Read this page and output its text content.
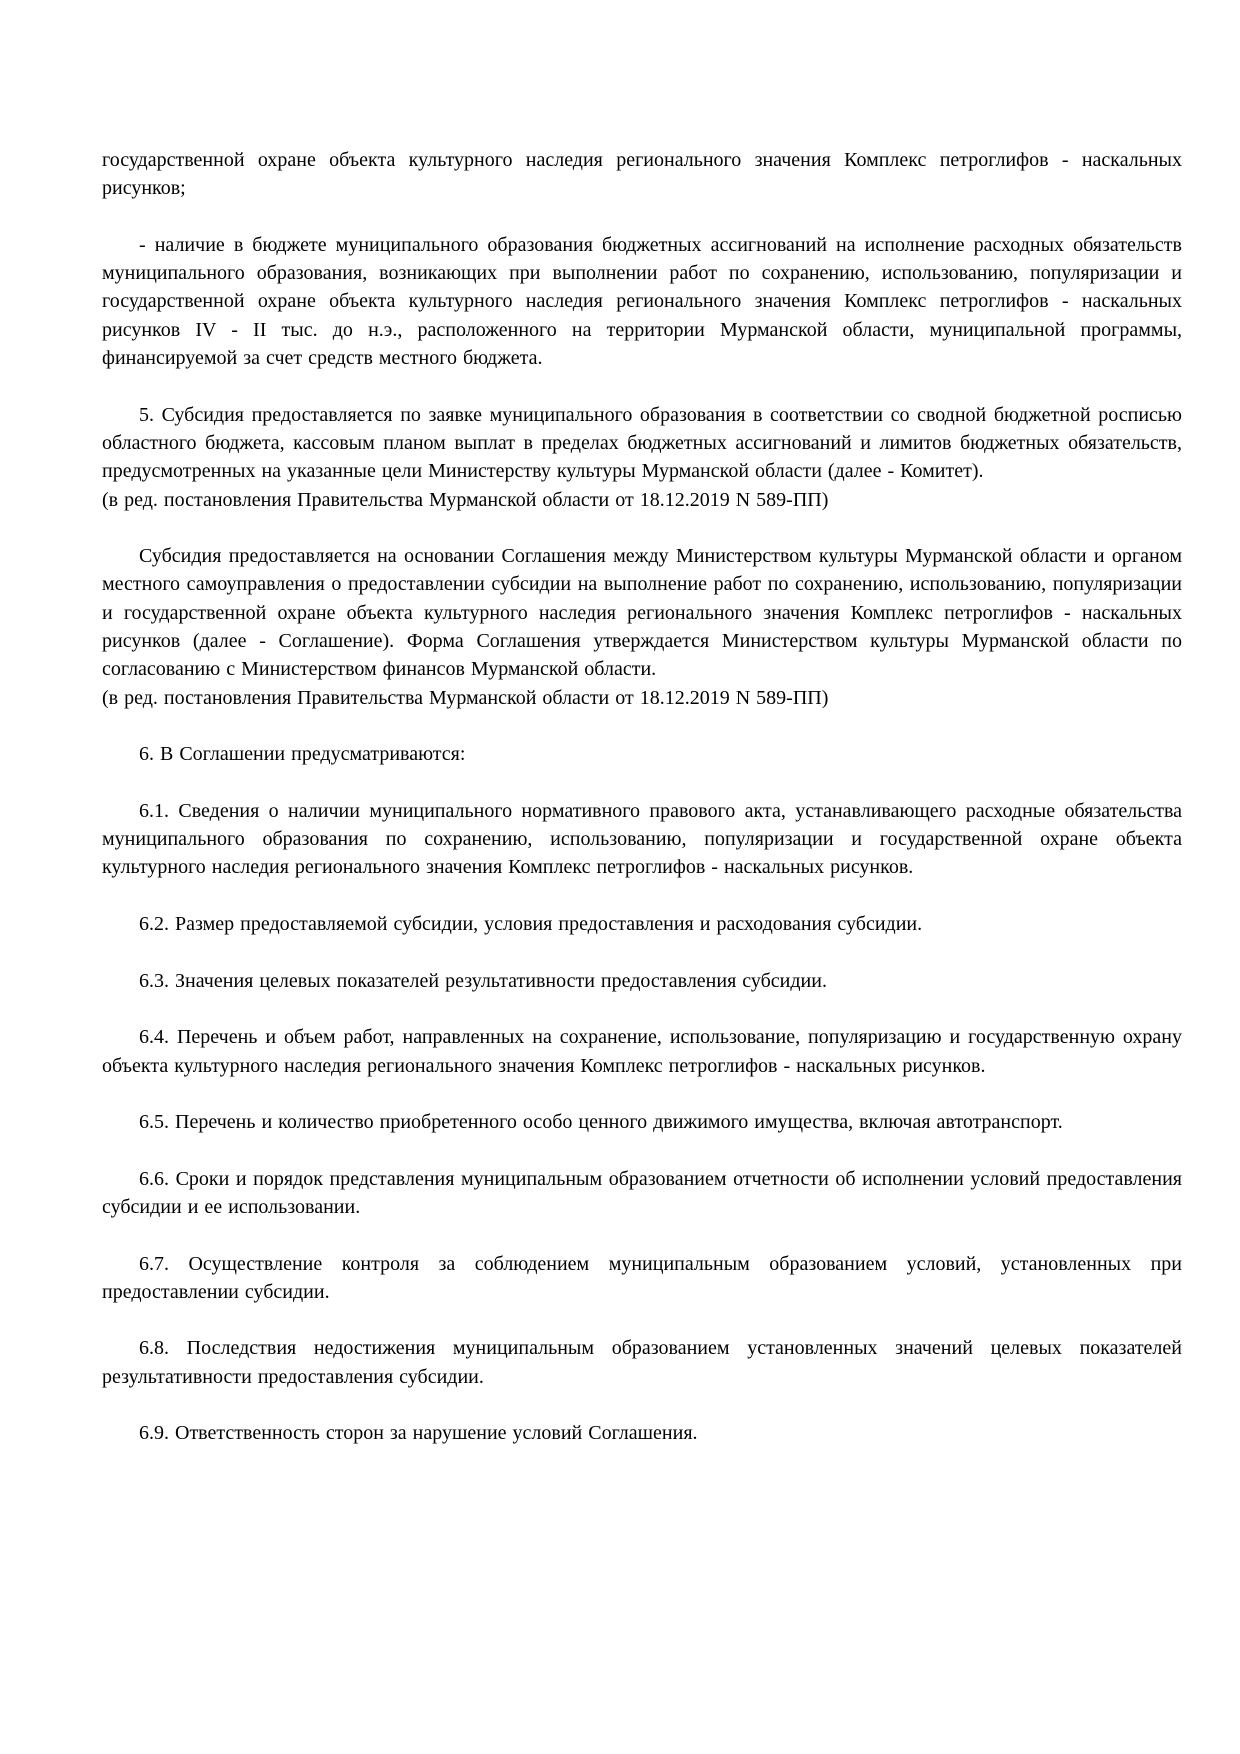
государственной охране объекта культурного наследия регионального значения Комплекс петроглифов - наскальных рисунков;

- наличие в бюджете муниципального образования бюджетных ассигнований на исполнение расходных обязательств муниципального образования, возникающих при выполнении работ по сохранению, использованию, популяризации и государственной охране объекта культурного наследия регионального значения Комплекс петроглифов - наскальных рисунков IV - II тыс. до н.э., расположенного на территории Мурманской области, муниципальной программы, финансируемой за счет средств местного бюджета.

5. Субсидия предоставляется по заявке муниципального образования в соответствии со сводной бюджетной росписью областного бюджета, кассовым планом выплат в пределах бюджетных ассигнований и лимитов бюджетных обязательств, предусмотренных на указанные цели Министерству культуры Мурманской области (далее - Комитет).

(в ред. постановления Правительства Мурманской области от 18.12.2019 N 589-ПП)

Субсидия предоставляется на основании Соглашения между Министерством культуры Мурманской области и органом местного самоуправления о предоставлении субсидии на выполнение работ по сохранению, использованию, популяризации и государственной охране объекта культурного наследия регионального значения Комплекс петроглифов - наскальных рисунков (далее - Соглашение). Форма Соглашения утверждается Министерством культуры Мурманской области по согласованию с Министерством финансов Мурманской области.

(в ред. постановления Правительства Мурманской области от 18.12.2019 N 589-ПП)

6. В Соглашении предусматриваются:

6.1. Сведения о наличии муниципального нормативного правового акта, устанавливающего расходные обязательства муниципального образования по сохранению, использованию, популяризации и государственной охране объекта культурного наследия регионального значения Комплекс петроглифов - наскальных рисунков.

6.2. Размер предоставляемой субсидии, условия предоставления и расходования субсидии.

6.3. Значения целевых показателей результативности предоставления субсидии.

6.4. Перечень и объем работ, направленных на сохранение, использование, популяризацию и государственную охрану объекта культурного наследия регионального значения Комплекс петроглифов - наскальных рисунков.

6.5. Перечень и количество приобретенного особо ценного движимого имущества, включая автотранспорт.

6.6. Сроки и порядок представления муниципальным образованием отчетности об исполнении условий предоставления субсидии и ее использовании.

6.7. Осуществление контроля за соблюдением муниципальным образованием условий, установленных при предоставлении субсидии.

6.8. Последствия недостижения муниципальным образованием установленных значений целевых показателей результативности предоставления субсидии.

6.9. Ответственность сторон за нарушение условий Соглашения.
